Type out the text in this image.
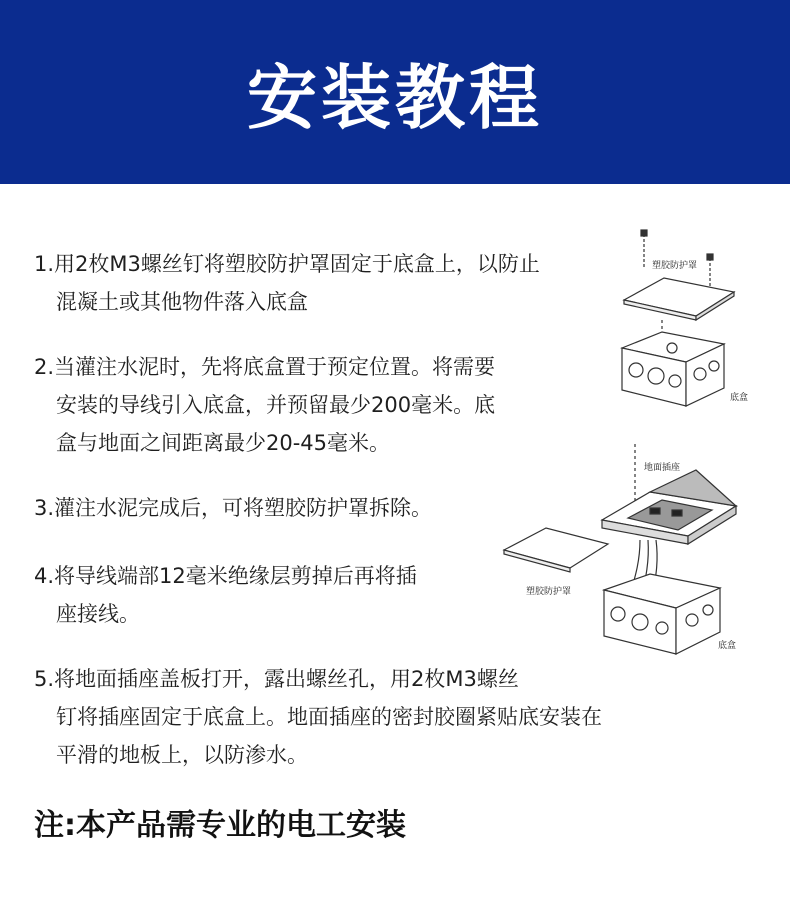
安装教程
1.用2枚M3螺丝钉将塑胶防护罩固定于底盒上，以防止
混凝土或其他物件落入底盒
2.当灌注水泥时，先将底盒置于预定位置。将需要
安装的导线引入底盒，并预留最少200毫米。底
盒与地面之间距离最少20-45毫米。
3.灌注水泥完成后，可将塑胶防护罩拆除。
4.将导线端部12毫米绝缘层剪掉后再将插
座接线。
5.将地面插座盖板打开，露出螺丝孔，用2枚M3螺丝
钉将插座固定于底盒上。地面插座的密封胶圈紧贴底安装在
平滑的地板上，以防渗水。
注:本产品需专业的电工安装
塑胶防护罩
底盒
地面插座
塑胶防护罩
底盒
